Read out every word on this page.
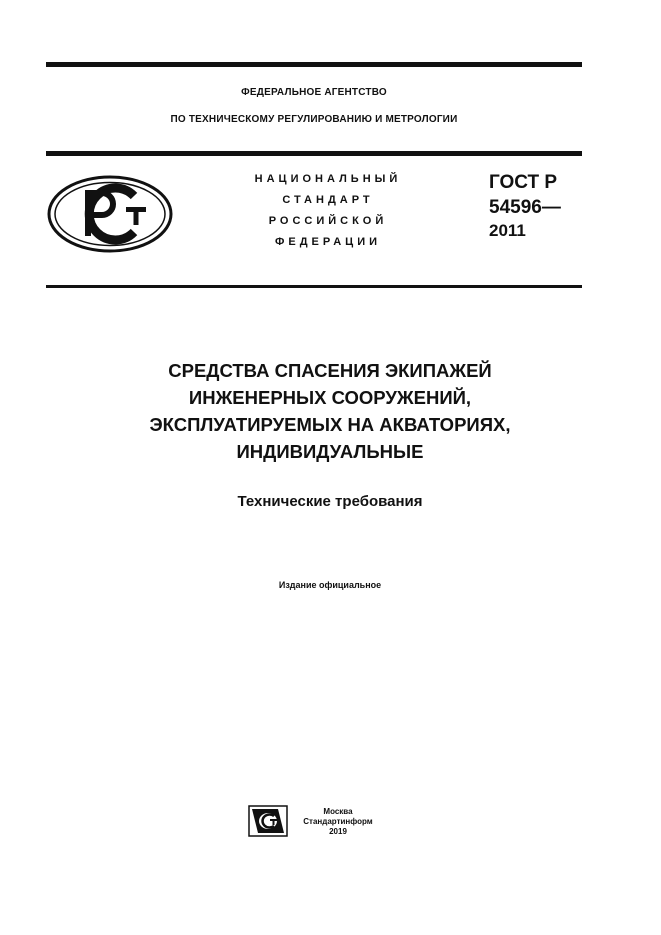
ФЕДЕРАЛЬНОЕ АГЕНТСТВО
ПО ТЕХНИЧЕСКОМУ РЕГУЛИРОВАНИЮ И МЕТРОЛОГИИ
НАЦИОНАЛЬНЫЙ
СТАНДАРТ
РОССИЙСКОЙ
ФЕДЕРАЦИИ
ГОСТ Р
54596—
2011
СРЕДСТВА СПАСЕНИЯ ЭКИПАЖЕЙ
ИНЖЕНЕРНЫХ СООРУЖЕНИЙ,
ЭКСПЛУАТИРУЕМЫХ НА АКВАТОРИЯХ,
ИНДИВИДУАЛЬНЫЕ
Технические требования
Издание официальное
Москва
Стандартинформ
2019
